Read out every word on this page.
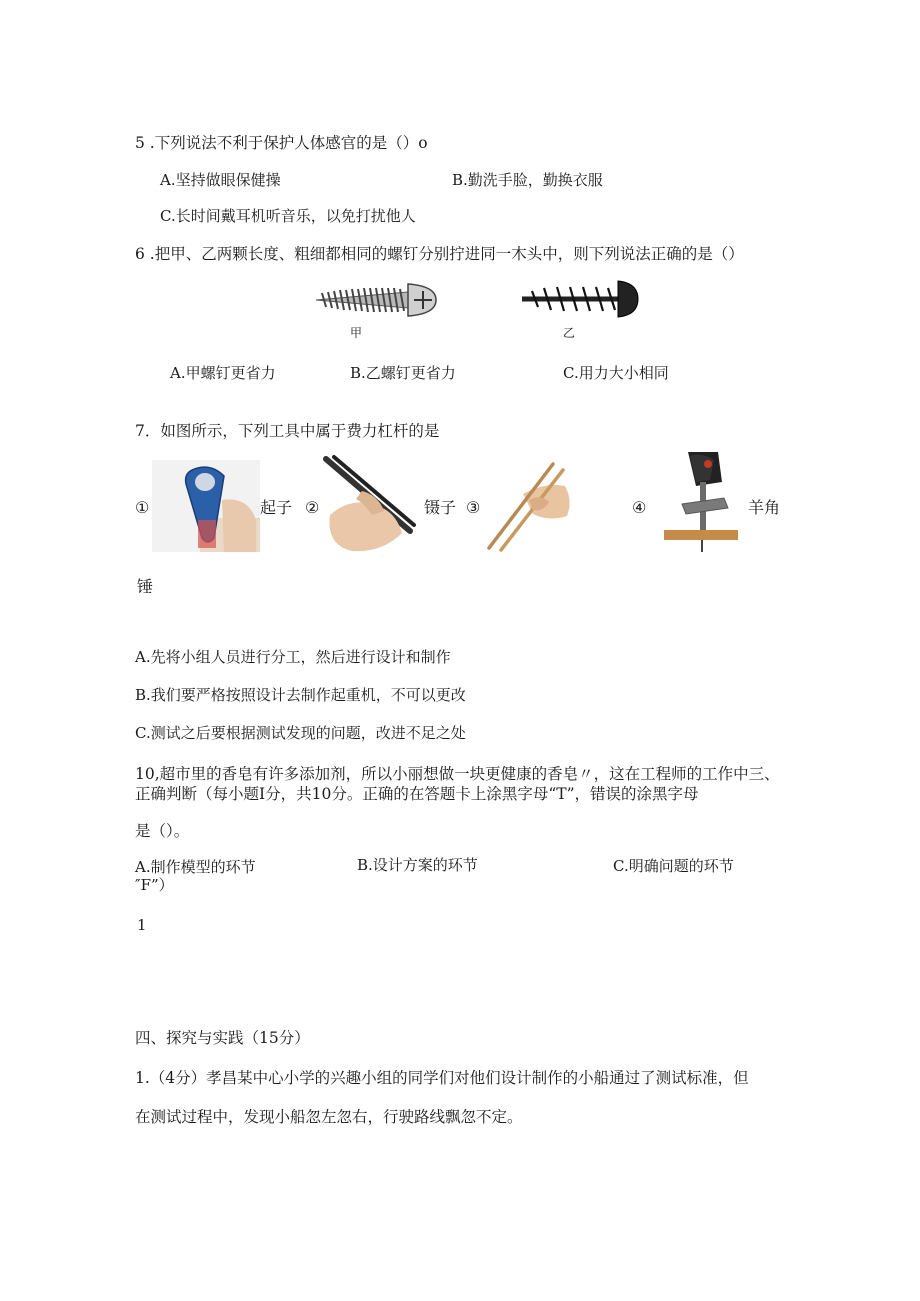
5 .下列说法不利于保护人体感官的是（）o
A.坚持做眼保健操	B.勤洗手脸，勤换衣服
C.长时间戴耳机听音乐，以免打扰他人
6 .把甲、乙两颗长度、粗细都相同的螺钉分别拧进同一木头中，则下列说法正确的是（）
甲	乙
A.甲螺钉更省力	B.乙螺钉更省力	C.用力大小相同
7．如图所示，下列工具中属于费力杠杆的是
①	起子 ②	镊子 ③	④	羊角
锤
A.先将小组人员进行分工，然后进行设计和制作
B.我们要严格按照设计去制作起重机，不可以更改
C.测试之后要根据测试发现的问题，改进不足之处
10,超市里的香皂有许多添加剂，所以小丽想做一块更健康的香皂〃，这在工程师的工作中三、
正确判断（每小题I分，共10分。正确的在答题卡上涂黑字母“T”，错误的涂黑字母
是（）。
A.制作模型的环节	B.设计方案的环节	C.明确问题的环节
″F”）
1
四、探究与实践（15分）
1.（4分）孝昌某中心小学的兴趣小组的同学们对他们设计制作的小船通过了测试标准，但
在测试过程中，发现小船忽左忽右，行驶路线飘忽不定。
